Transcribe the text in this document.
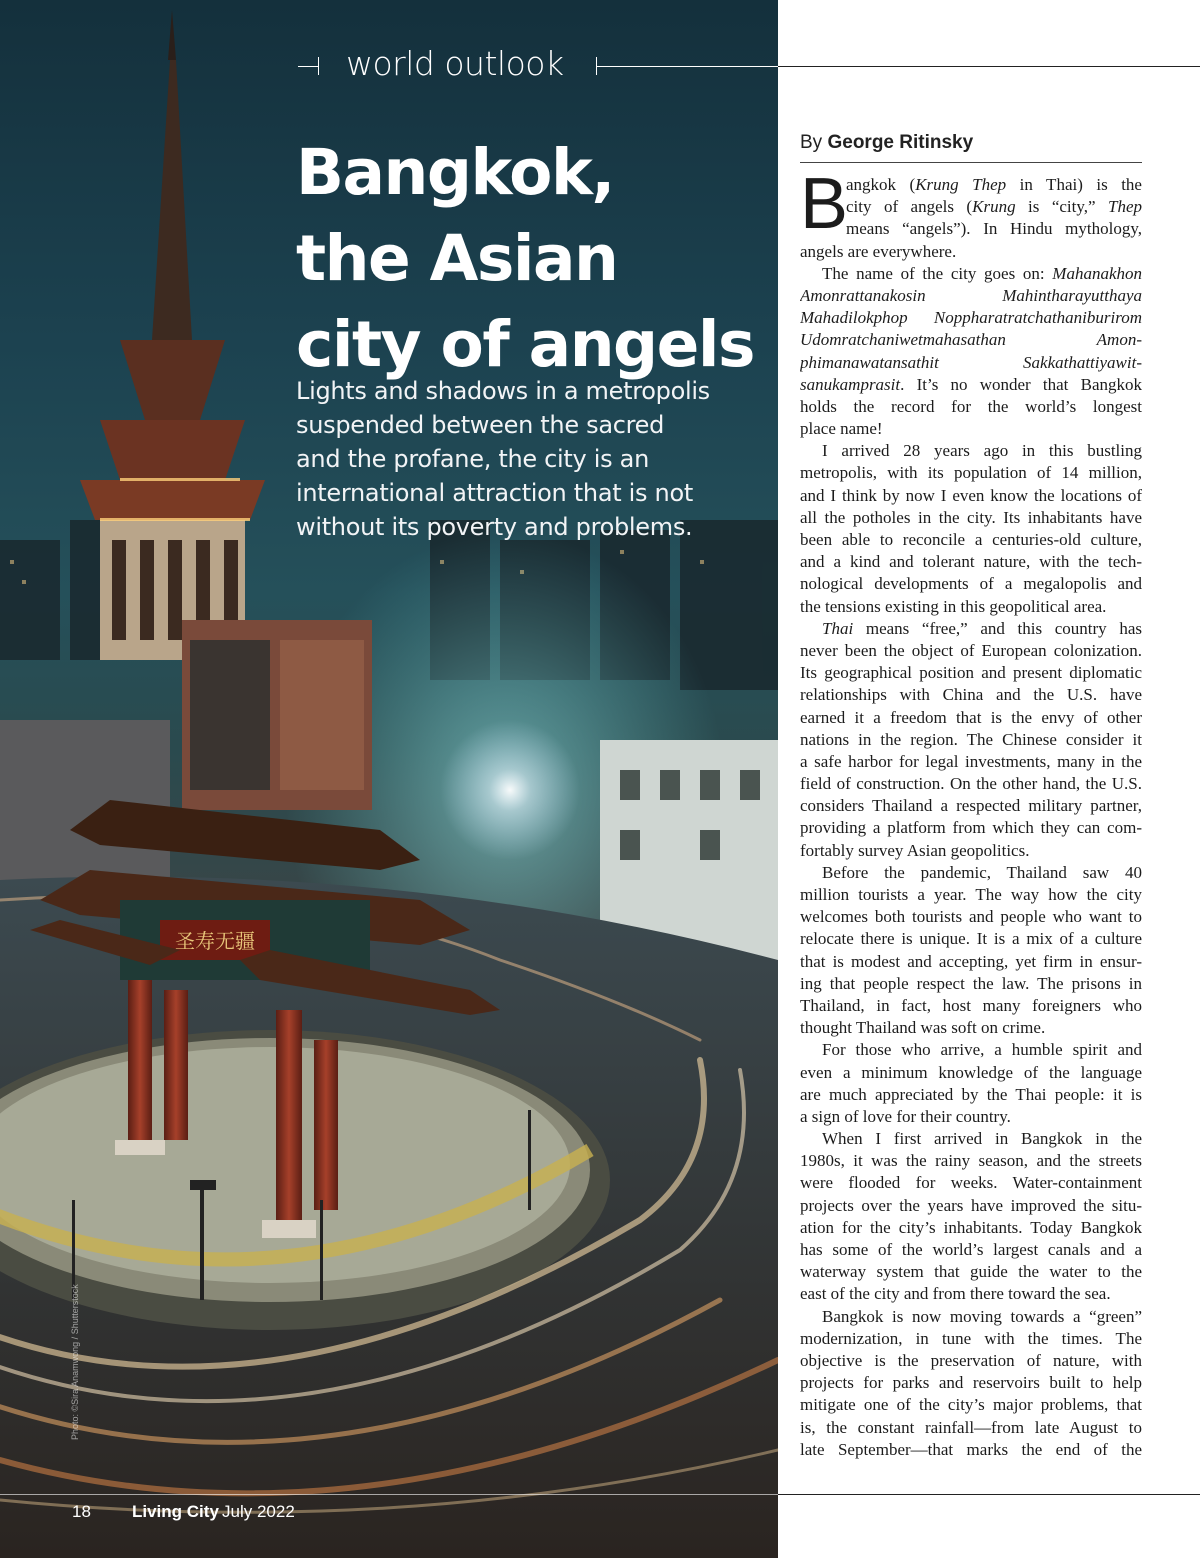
圣寿无疆
world outlook
Bangkok,
the Asian
city of angels
Lights and shadows in a metropolis
suspended between the sacred
and the profane, the city is an
international attraction that is not
without its poverty and problems.
By George Ritinsky
B
angkok (Krung Thep in Thai) is the
city of angels (Krung is “city,” Thep
means “angels”). In Hindu mythology,
angels are everywhere.
The name of the city goes on: Mahanakhon
Amonrattanakosin Mahintharayutthaya
Mahadilokphop Noppharatratchathaniburirom
Udomratchaniwetmahasathan Amon-
phimanawatansathit Sakkathattiyawit-
sanukamprasit. It’s no wonder that Bangkok
holds the record for the world’s longest
place name!
I arrived 28 years ago in this bustling
metropolis, with its population of 14 million,
and I think by now I even know the locations of
all the potholes in the city. Its inhabitants have
been able to reconcile a centuries-old culture,
and a kind and tolerant nature, with the tech-
nological developments of a megalopolis and
the tensions existing in this geopolitical area.
Thai means “free,” and this country has
never been the object of European colonization.
Its geographical position and present diplomatic
relationships with China and the U.S. have
earned it a freedom that is the envy of other
nations in the region. The Chinese consider it
a safe harbor for legal investments, many in the
field of construction. On the other hand, the U.S.
considers Thailand a respected military partner,
providing a platform from which they can com-
fortably survey Asian geopolitics.
Before the pandemic, Thailand saw 40
million tourists a year. The way how the city
welcomes both tourists and people who want to
relocate there is unique. It is a mix of a culture
that is modest and accepting, yet firm in ensur-
ing that people respect the law. The prisons in
Thailand, in fact, host many foreigners who
thought Thailand was soft on crime.
For those who arrive, a humble spirit and
even a minimum knowledge of the language
are much appreciated by the Thai people: it is
a sign of love for their country.
When I first arrived in Bangkok in the
1980s, it was the rainy season, and the streets
were flooded for weeks. Water-containment
projects over the years have improved the situ-
ation for the city’s inhabitants. Today Bangkok
has some of the world’s largest canals and a
waterway system that guide the water to the
east of the city and from there toward the sea.
Bangkok is now moving towards a “green”
modernization, in tune with the times. The
objective is the preservation of nature, with
projects for parks and reservoirs built to help
mitigate one of the city’s major problems, that
is, the constant rainfall—from late August to
late September—that marks the end of the
18 Living City July 2022
Photo: ©Sira Anamwong / Shutterstock
